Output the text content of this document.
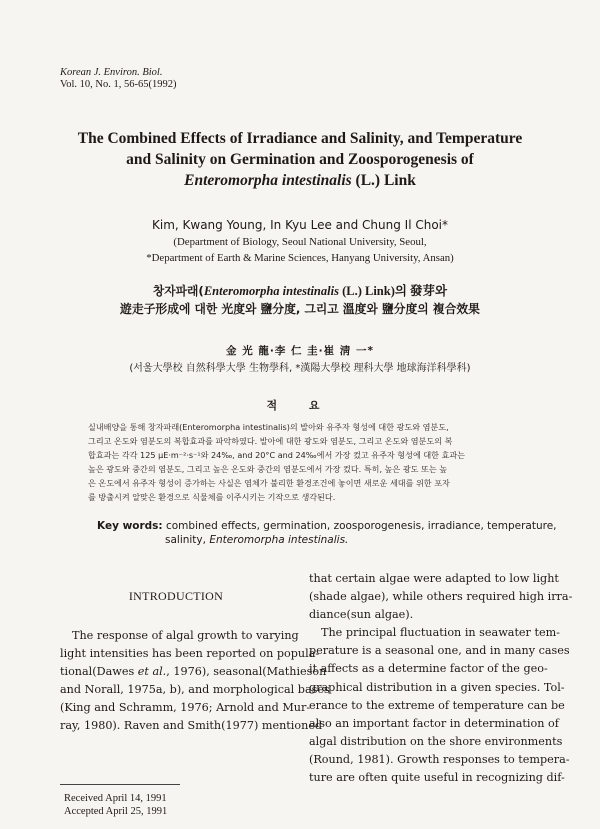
Korean J. Environ. Biol.
Vol. 10, No. 1, 56-65(1992)
The Combined Effects of Irradiance and Salinity, and Temperature
and Salinity on Germination and Zoosporogenesis of
Enteromorpha intestinalis (L.) Link
Kim, Kwang Young, In Kyu Lee and Chung Il Choi*
(Department of Biology, Seoul National University, Seoul,
*Department of Earth & Marine Sciences, Hanyang University, Ansan)
창자파래(Enteromorpha intestinalis (L.) Link)의 發芽와
遊走子形成에 대한 光度와 鹽分度, 그리고 溫度와 鹽分度의 複合效果
金 光 龍·李 仁 圭·崔 淸 一*
(서울大學校 自然科學大學 生物學科, *漢陽大學校 理科大學 地球海洋科學科)
적 요
실내배양을 통해 창자파래(Enteromorpha intestinalis)의 발아와 유주자 형성에 대한 광도와 염분도,
그리고 온도와 염분도의 복합효과를 파악하였다. 발아에 대한 광도와 염분도, 그리고 온도와 염분도의 복
합효과는 각각 125 μE·m⁻²·s⁻¹와 24‰, and 20°C and 24‰에서 가장 컸고 유주자 형성에 대한 효과는
높은 광도와 중간의 염분도, 그리고 높은 온도와 중간의 염분도에서 가장 컸다. 특히, 높은 광도 또는 높
은 온도에서 유주자 형성이 증가하는 사실은 염체가 불리한 환경조건에 놓이면 새로운 세대를 위한 포자
를 방출시켜 알맞은 환경으로 식물체를 이주시키는 기작으로 생각된다.
Key words: combined effects, germination, zoosporogenesis, irradiance, temperature,
salinity, Enteromorpha intestinalis.
INTRODUCTION
The response of algal growth to varying
light intensities has been reported on popula-
tional(Dawes et al., 1976), seasonal(Mathieson
and Norall, 1975a, b), and morphological bases
(King and Schramm, 1976; Arnold and Mur-
ray, 1980). Raven and Smith(1977) mentioned
that certain algae were adapted to low light
(shade algae), while others required high irra-
diance(sun algae).
The principal fluctuation in seawater tem-
perature is a seasonal one, and in many cases
it affects as a determine factor of the geo-
graphical distribution in a given species. Tol-
erance to the extreme of temperature can be
also an important factor in determination of
algal distribution on the shore environments
(Round, 1981). Growth responses to tempera-
ture are often quite useful in recognizing dif-
Received April 14, 1991
Accepted April 25, 1991
